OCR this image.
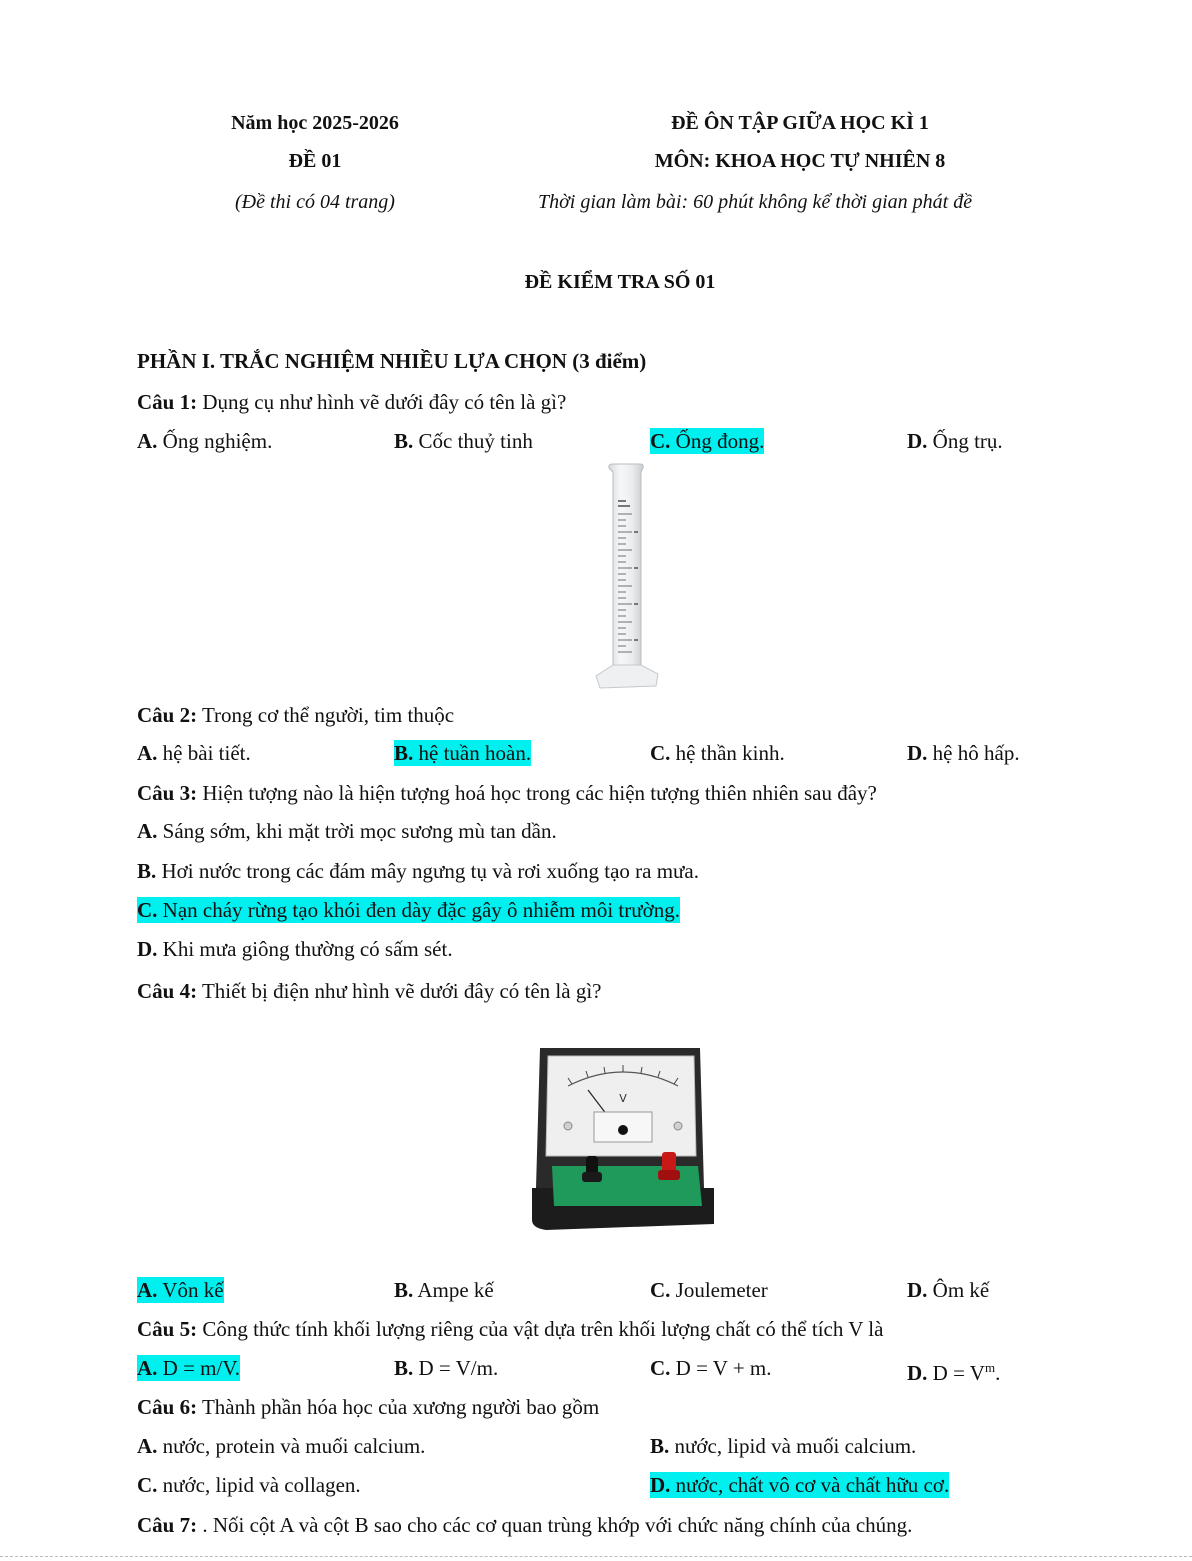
Năm học 2025-2026
ĐỀ 01
(Đề thi có 04 trang)
ĐỀ ÔN TẬP GIỮA HỌC KÌ 1
MÔN: KHOA HỌC TỰ NHIÊN 8
Thời gian làm bài: 60 phút không kể thời gian phát đề
ĐỀ KIỂM TRA SỐ 01
PHẦN I. TRẮC NGHIỆM NHIỀU LỰA CHỌN (3 điểm)
Câu 1: Dụng cụ như hình vẽ dưới đây có tên là gì?
A. Ống nghiệm.	B. Cốc thuỷ tinh	C. Ống đong.	D. Ống trụ.
Câu 2: Trong cơ thể người, tim thuộc
A. hệ bài tiết.	B. hệ tuần hoàn.	C. hệ thần kinh.	D. hệ hô hấp.
Câu 3: Hiện tượng nào là hiện tượng hoá học trong các hiện tượng thiên nhiên sau đây?
A. Sáng sớm, khi mặt trời mọc sương mù tan dần.
B. Hơi nước trong các đám mây ngưng tụ và rơi xuống tạo ra mưa.
C. Nạn cháy rừng tạo khói đen dày đặc gây ô nhiễm môi trường.
D. Khi mưa giông thường có sấm sét.
Câu 4: Thiết bị điện như hình vẽ dưới đây có tên là gì?
V
A. Vôn kế	B. Ampe kế	C. Joulemeter	D. Ôm kế
Câu 5: Công thức tính khối lượng riêng của vật dựa trên khối lượng chất có thể tích V là
A. D = m/V.	B. D = V/m.	C. D = V + m.	D. $D = V^m$.
Câu 6: Thành phần hóa học của xương người bao gồm
A. nước, protein và muối calcium.	B. nước, lipid và muối calcium.
C. nước, lipid và collagen.	D. nước, chất vô cơ và chất hữu cơ.
Câu 7: . Nối cột A và cột B sao cho các cơ quan trùng khớp với chức năng chính của chúng.
